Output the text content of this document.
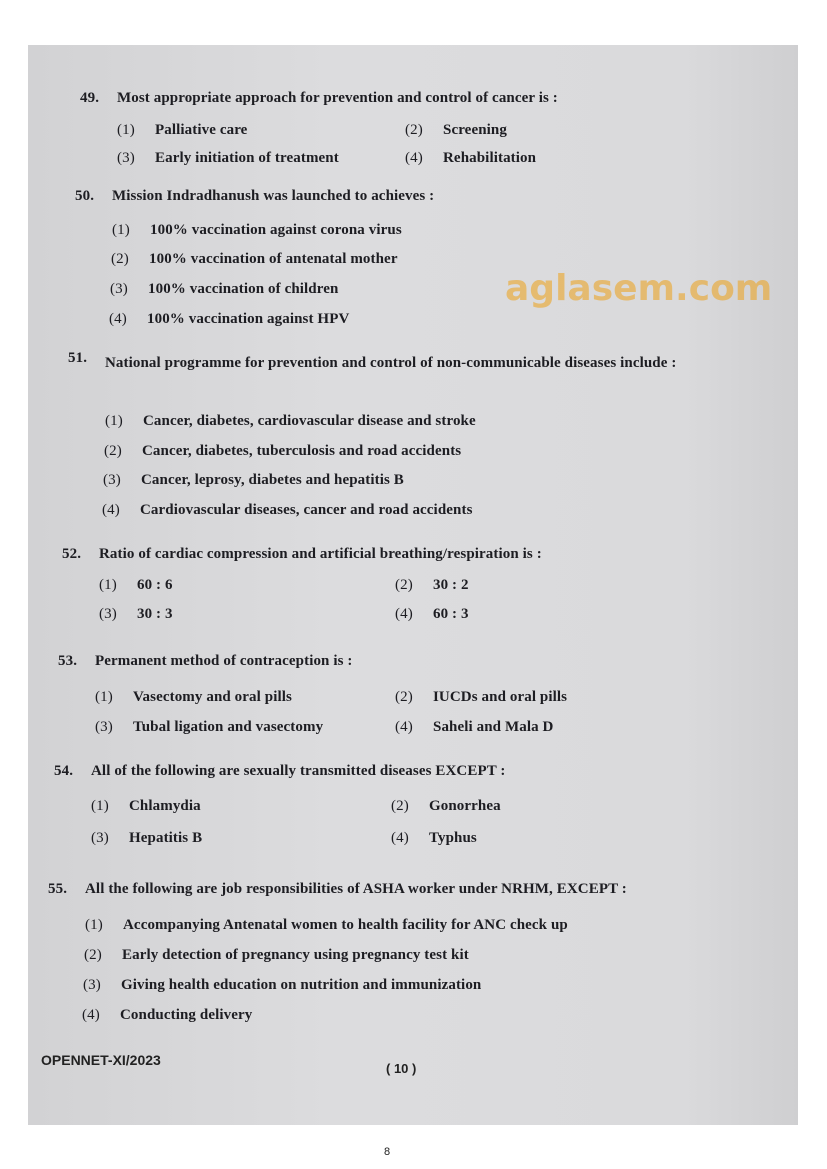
49. Most appropriate approach for prevention and control of cancer is :
(1) Palliative care	(2) Screening
(3) Early initiation of treatment	(4) Rehabilitation
50. Mission Indradhanush was launched to achieves :
(1) 100% vaccination against corona virus
(2) 100% vaccination of antenatal mother
(3) 100% vaccination of children
(4) 100% vaccination against HPV
51. National programme for prevention and control of non-communicable diseases include :
(1) Cancer, diabetes, cardiovascular disease and stroke
(2) Cancer, diabetes, tuberculosis and road accidents
(3) Cancer, leprosy, diabetes and hepatitis B
(4) Cardiovascular diseases, cancer and road accidents
52. Ratio of cardiac compression and artificial breathing/respiration is :
(1) 60 : 6	(2) 30 : 2
(3) 30 : 3	(4) 60 : 3
53. Permanent method of contraception is :
(1) Vasectomy and oral pills	(2) IUCDs and oral pills
(3) Tubal ligation and vasectomy	(4) Saheli and Mala D
54. All of the following are sexually transmitted diseases EXCEPT :
(1) Chlamydia	(2) Gonorrhea
(3) Hepatitis B	(4) Typhus
55. All the following are job responsibilities of ASHA worker under NRHM, EXCEPT :
(1) Accompanying Antenatal women to health facility for ANC check up
(2) Early detection of pregnancy using pregnancy test kit
(3) Giving health education on nutrition and immunization
(4) Conducting delivery
aglasem.com
OPENNET-XI/2023
( 10 )
8
